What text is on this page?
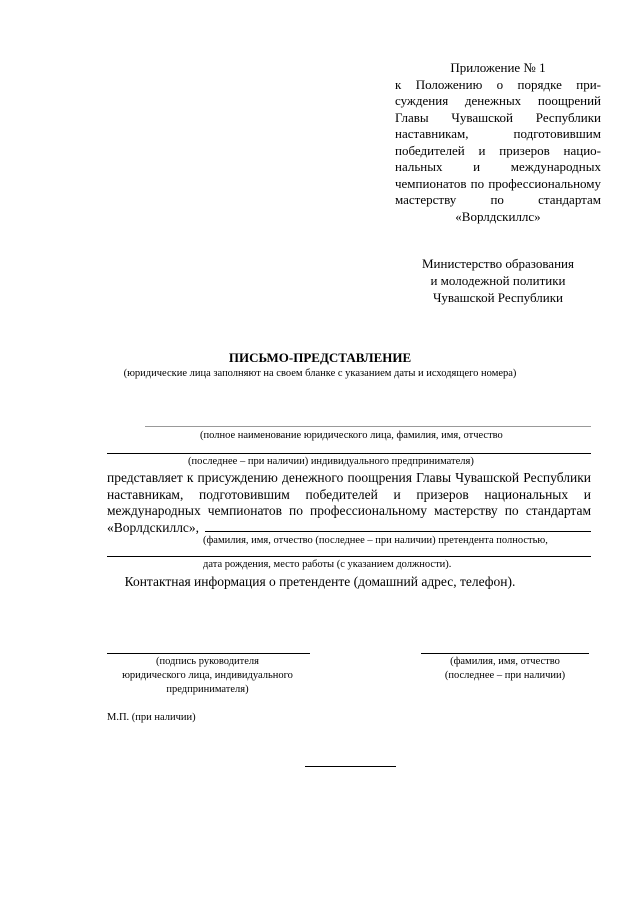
Приложение № 1
к Положению о порядке присуждения денежных поощрений Главы Чувашской Республики наставникам, подготовившим победителей и призеров национальных и международных чемпионатов по профессиональному мастерству по стандартам
«Ворлдскиллс»
Министерство образования
и молодежной политики
Чувашской Республики
ПИСЬМО-ПРЕДСТАВЛЕНИЕ
(юридические лица заполняют на своем бланке с указанием даты и исходящего номера)
(полное наименование юридического лица, фамилия, имя, отчество
(последнее – при наличии) индивидуального предпринимателя)
представляет к присуждению денежного поощрения Главы Чувашской Республики наставникам, подготовившим победителей и призеров национальных и международных чемпионатов по профессиональному мастерству по стандартам «Ворлдскиллс»,
(фамилия, имя, отчество (последнее – при наличии) претендента полностью,
дата рождения, место работы (с указанием должности).
Контактная информация о претенденте (домашний адрес, телефон).
(подпись руководителя
юридического лица, индивидуального
предпринимателя)
(фамилия, имя, отчество
(последнее – при наличии)
М.П. (при наличии)
